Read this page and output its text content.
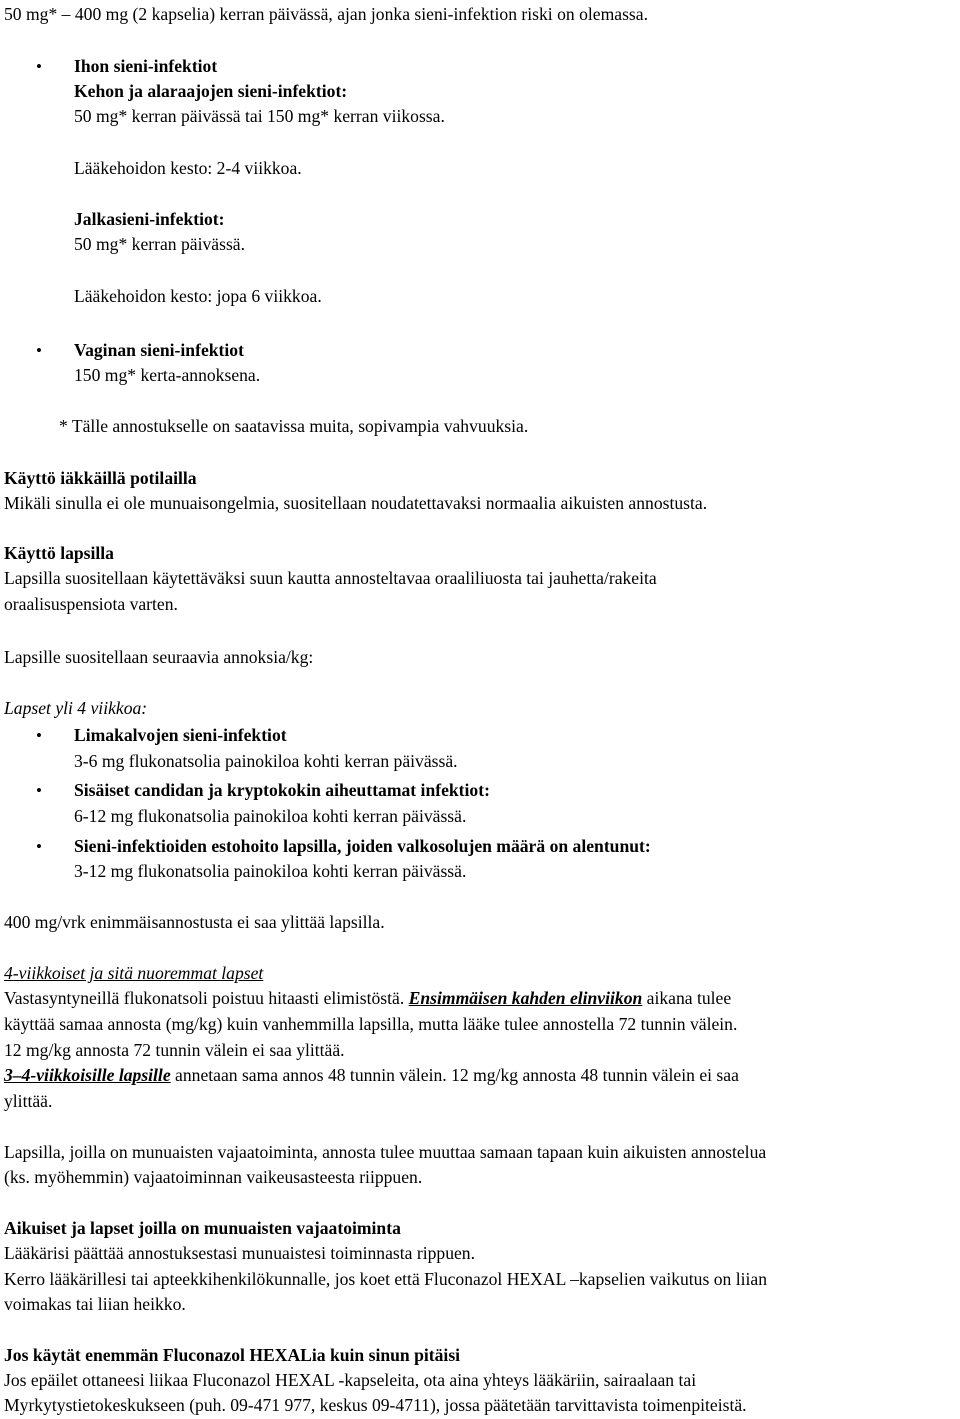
50 mg* – 400 mg (2 kapselia) kerran päivässä, ajan jonka sieni-infektion riski on olemassa.
• Ihon sieni-infektiot
Kehon ja alaraajojen sieni-infektiot:
50 mg* kerran päivässä tai 150 mg* kerran viikossa.
Lääkehoidon kesto: 2-4 viikkoa.
Jalkasieni-infektiot:
50 mg* kerran päivässä.
Lääkehoidon kesto: jopa 6 viikkoa.
• Vaginan sieni-infektiot
150 mg* kerta-annoksena.
* Tälle annostukselle on saatavissa muita, sopivampia vahvuuksia.
Käyttö iäkkäillä potilailla
Mikäli sinulla ei ole munuaisongelmia, suositellaan noudatettavaksi normaalia aikuisten annostusta.
Käyttö lapsilla
Lapsilla suositellaan käytettäväksi suun kautta annosteltavaa oraaliliuosta tai jauhetta/rakeita
oraalisuspensiota varten.
Lapsille suositellaan seuraavia annoksia/kg:
Lapset yli 4 viikkoa:
• Limakalvojen sieni-infektiot
3-6 mg flukonatsolia painokiloa kohti kerran päivässä.
• Sisäiset candidan ja kryptokokin aiheuttamat infektiot:
6-12 mg flukonatsolia painokiloa kohti kerran päivässä.
• Sieni-infektioiden estohoito lapsilla, joiden valkosolujen määrä on alentunut:
3-12 mg flukonatsolia painokiloa kohti kerran päivässä.
400 mg/vrk enimmäisannostusta ei saa ylittää lapsilla.
4-viikkoiset ja sitä nuoremmat lapset
Vastasyntyneillä flukonatsoli poistuu hitaasti elimistöstä. Ensimmäisen kahden elinviikon aikana tulee
käyttää samaa annosta (mg/kg) kuin vanhemmilla lapsilla, mutta lääke tulee annostella 72 tunnin välein.
12 mg/kg annosta 72 tunnin välein ei saa ylittää.
3–4-viikkoisille lapsille annetaan sama annos 48 tunnin välein. 12 mg/kg annosta 48 tunnin välein ei saa
ylittää.
Lapsilla, joilla on munuaisten vajaatoiminta, annosta tulee muuttaa samaan tapaan kuin aikuisten annostelua
(ks. myöhemmin) vajaatoiminnan vaikeusasteesta riippuen.
Aikuiset ja lapset joilla on munuaisten vajaatoiminta
Lääkärisi päättää annostuksestasi munuaistesi toiminnasta rippuen.
Kerro lääkärillesi tai apteekkihenkilökunnalle, jos koet että Fluconazol HEXAL –kapselien vaikutus on liian
voimakas tai liian heikko.
Jos käytät enemmän Fluconazol HEXALia kuin sinun pitäisi
Jos epäilet ottaneesi liikaa Fluconazol HEXAL -kapseleita, ota aina yhteys lääkäriin, sairaalaan tai
Myrkytystietokeskukseen (puh. 09-471 977, keskus 09-4711), jossa päätetään tarvittavista toimenpiteistä.
